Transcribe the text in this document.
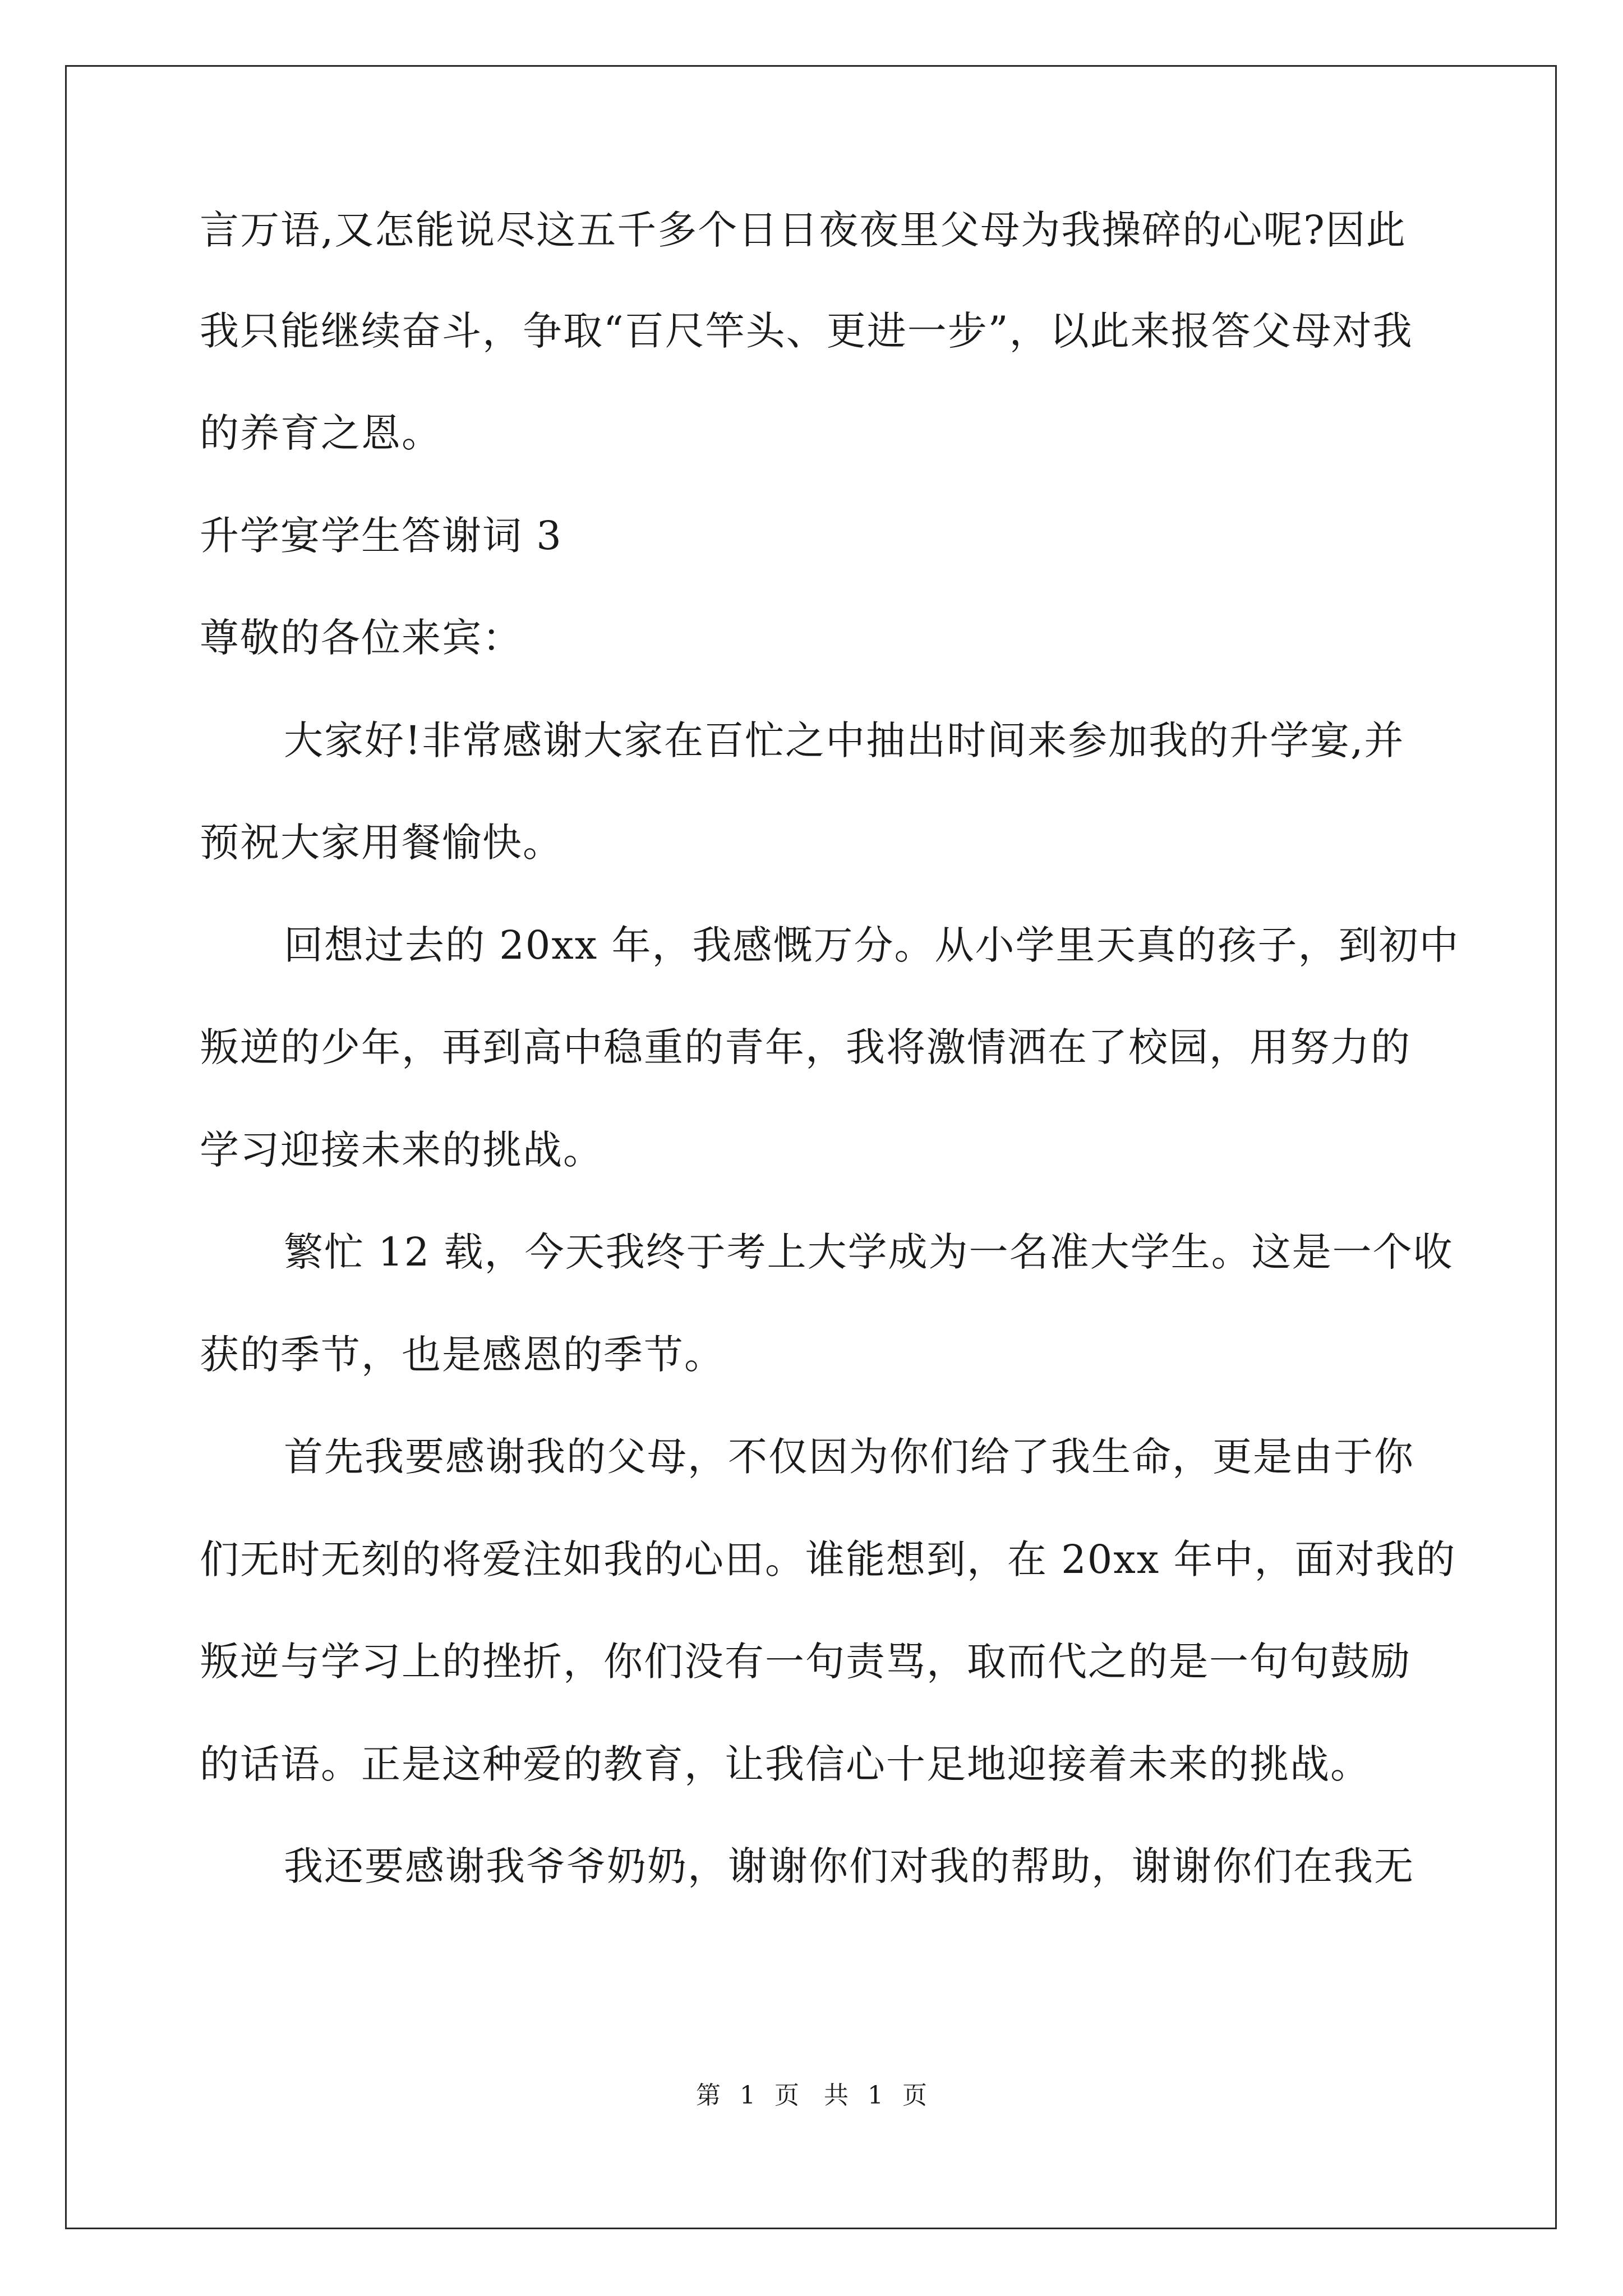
言万语,又怎能说尽这五千多个日日夜夜里父母为我操碎的心呢?因此
我只能继续奋斗，争取“百尺竿头、更进一步”，以此来报答父母对我
的养育之恩。
升学宴学生答谢词 3
尊敬的各位来宾：
大家好!非常感谢大家在百忙之中抽出时间来参加我的升学宴,并
预祝大家用餐愉快。
回想过去的 20xx 年，我感慨万分。从小学里天真的孩子，到初中
叛逆的少年，再到高中稳重的青年，我将激情洒在了校园，用努力的
学习迎接未来的挑战。
繁忙 12 载，今天我终于考上大学成为一名准大学生。这是一个收
获的季节，也是感恩的季节。
首先我要感谢我的父母，不仅因为你们给了我生命，更是由于你
们无时无刻的将爱注如我的心田。谁能想到，在 20xx 年中，面对我的
叛逆与学习上的挫折，你们没有一句责骂，取而代之的是一句句鼓励
的话语。正是这种爱的教育，让我信心十足地迎接着未来的挑战。
我还要感谢我爷爷奶奶，谢谢你们对我的帮助，谢谢你们在我无
第 1 页　共 1 页
